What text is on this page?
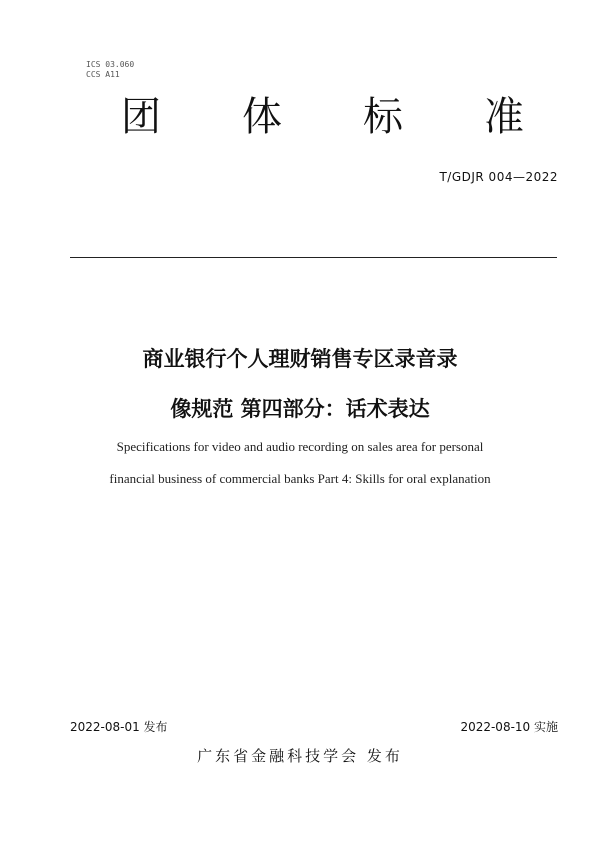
ICS 03.060
CCS A11
团 体 标 准
T/GDJR 004—2022
商业银行个人理财销售专区录音录
像规范 第四部分：话术表达
Specifications for video and audio recording on sales area for personal
financial business of commercial banks Part 4: Skills for oral explanation
2022-08-01 发布	2022-08-10 实施
广东省金融科技学会 发布
